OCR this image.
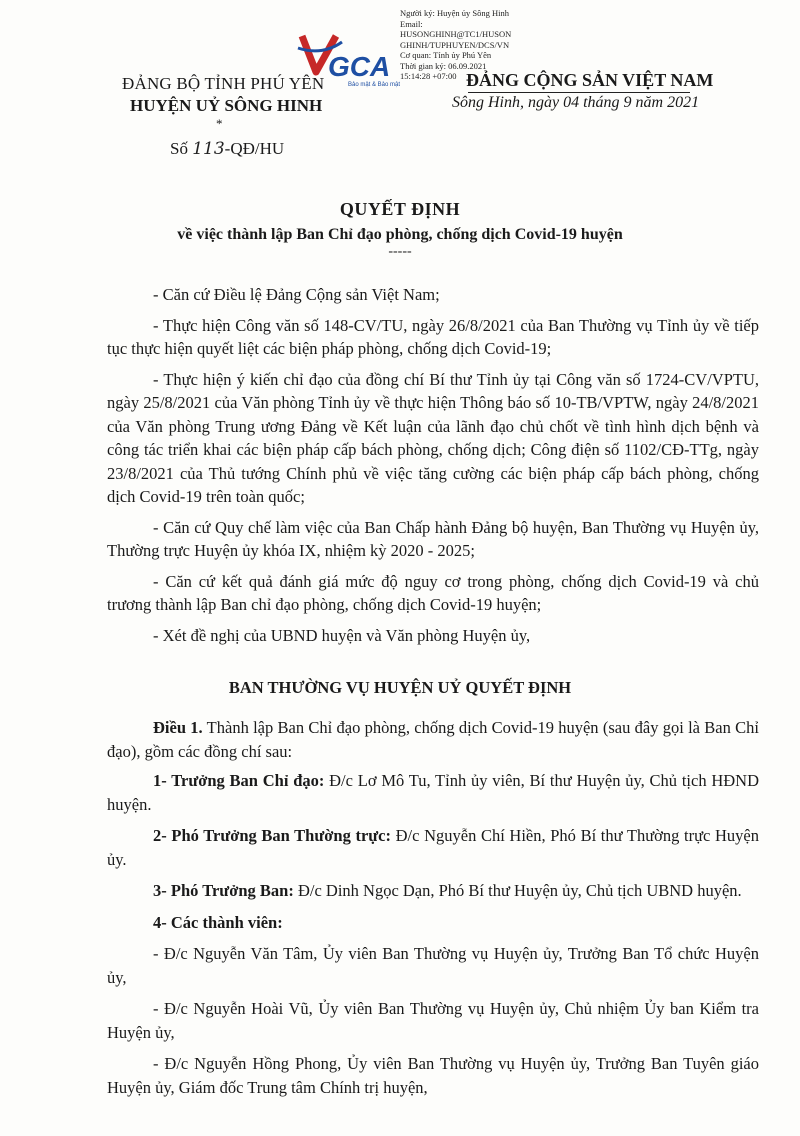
Người ký: Huyện ủy Sông Hinh
Email:
HUSONGHINH@TC1/HUSON
GHINH/TUPHUYEN/DCS/VN
Cơ quan: Tỉnh ủy Phú Yên
Thời gian ký: 06.09.2021
15:14:28 +07:00
GCA
Bảo mật & Bảo mật
ĐẢNG BỘ TỈNH PHÚ YÊN
HUYỆN UỶ SÔNG HINH
*
ĐẢNG CỘNG SẢN VIỆT NAM
Sông Hinh, ngày 04 tháng 9 năm 2021
Số 113-QĐ/HU
QUYẾT ĐỊNH
về việc thành lập Ban Chỉ đạo phòng, chống dịch Covid-19 huyện
-----

- Căn cứ Điều lệ Đảng Cộng sản Việt Nam;

- Thực hiện Công văn số 148-CV/TU, ngày 26/8/2021 của Ban Thường vụ Tỉnh ủy về tiếp tục thực hiện quyết liệt các biện pháp phòng, chống dịch Covid-19;

- Thực hiện ý kiến chỉ đạo của đồng chí Bí thư Tỉnh ủy tại Công văn số 1724-CV/VPTU, ngày 25/8/2021 của Văn phòng Tỉnh ủy về thực hiện Thông báo số 10-TB/VPTW, ngày 24/8/2021 của Văn phòng Trung ương Đảng về Kết luận của lãnh đạo chủ chốt về tình hình dịch bệnh và công tác triển khai các biện pháp cấp bách phòng, chống dịch; Công điện số 1102/CĐ-TTg, ngày 23/8/2021 của Thủ tướng Chính phủ về việc tăng cường các biện pháp cấp bách phòng, chống dịch Covid-19 trên toàn quốc;

- Căn cứ Quy chế làm việc của Ban Chấp hành Đảng bộ huyện, Ban Thường vụ Huyện ủy, Thường trực Huyện ủy khóa IX, nhiệm kỳ 2020 - 2025;

- Căn cứ kết quả đánh giá mức độ nguy cơ trong phòng, chống dịch Covid-19 và chủ trương thành lập Ban chỉ đạo phòng, chống dịch Covid-19 huyện;

- Xét đề nghị của UBND huyện và Văn phòng Huyện ủy,

BAN THƯỜNG VỤ HUYỆN UỶ QUYẾT ĐỊNH

Điều 1. Thành lập Ban Chỉ đạo phòng, chống dịch Covid-19 huyện (sau đây gọi là Ban Chỉ đạo), gồm các đồng chí sau:

1- Trưởng Ban Chỉ đạo: Đ/c Lơ Mô Tu, Tỉnh ủy viên, Bí thư Huyện ủy, Chủ tịch HĐND huyện.

2- Phó Trưởng Ban Thường trực: Đ/c Nguyễn Chí Hiền, Phó Bí thư Thường trực Huyện ủy.

3- Phó Trưởng Ban: Đ/c Dinh Ngọc Dạn, Phó Bí thư Huyện ủy, Chủ tịch UBND huyện.

4- Các thành viên:

- Đ/c Nguyễn Văn Tâm, Ủy viên Ban Thường vụ Huyện ủy, Trưởng Ban Tổ chức Huyện ủy,

- Đ/c Nguyễn Hoài Vũ, Ủy viên Ban Thường vụ Huyện ủy, Chủ nhiệm Ủy ban Kiểm tra Huyện ủy,

- Đ/c Nguyễn Hồng Phong, Ủy viên Ban Thường vụ Huyện ủy, Trưởng Ban Tuyên giáo Huyện ủy, Giám đốc Trung tâm Chính trị huyện,
